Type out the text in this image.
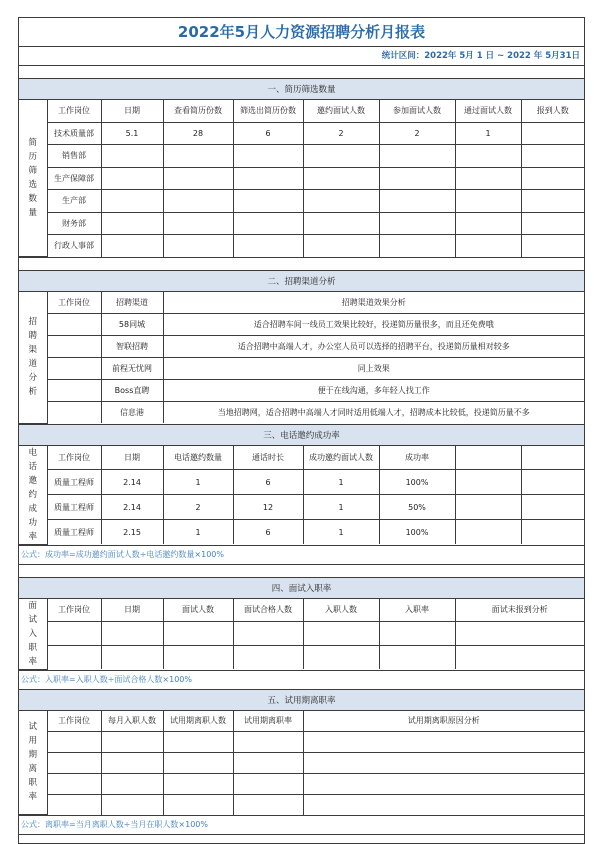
2022年5月人力资源招聘分析月报表
统计区间：2022年 5月 1 日 ~ 2022 年 5月31日
一、简历筛选数量								
简历筛选数量	工作岗位	日期	查看简历份数	筛选出简历份数	邀约面试人数	参加面试人数	通过面试人数	报到人数
	技术质量部	5.1	28	6	2	2	1	
	销售部							
	生产保障部							
	生产部							
	财务部							
	行政人事部							
二、招聘渠道分析			
招聘渠道分析	工作岗位	招聘渠道	招聘渠道效果分析
		58同城	适合招聘车间一线员工效果比较好，投递简历量很多，而且还免费哦
		智联招聘	适合招聘中高端人才，办公室人员可以选择的招聘平台，投递简历量相对较多
		前程无忧网	同上效果
		Boss直聘	便于在线沟通，多年轻人找工作
		信息港	当地招聘网，适合招聘中高端人才同时适用低端人才，招聘成本比较低，投递简历量不多
三、电话邀约成功率								
电话邀约成功率	工作岗位	日期	电话邀约数量	通话时长	成功邀约面试人数	成功率		
	质量工程师	2.14	1	6	1	100%		
	质量工程师	2.14	2	12	1	50%		
	质量工程师	2.15	1	6	1	100%		
公式：成功率=成功邀约面试人数÷电话邀约数量×100%
四、面试入职率							
面试入职率	工作岗位	日期	面试人数	面试合格人数	入职人数	入职率	面试未报到分析

公式：入职率=入职人数÷面试合格人数×100%
五、试用期离职率					
试用期离职率	工作岗位	每月入职人数	试用期离职人数	试用期离职率	试用期离职原因分析

公式：离职率=当月离职人数÷当月在职人数×100%
